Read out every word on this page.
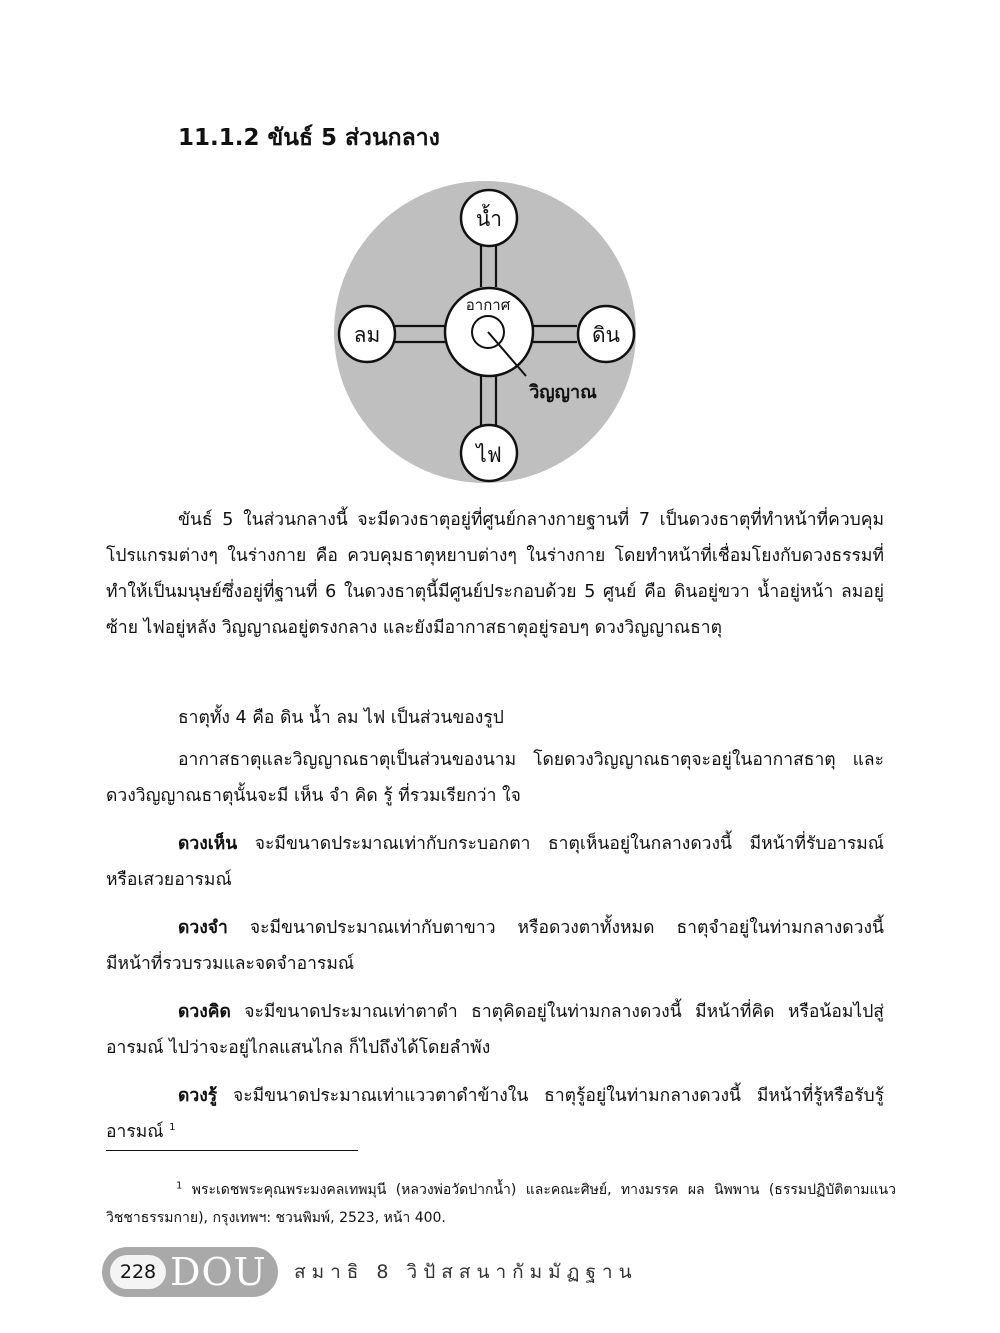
11.1.2 ขันธ์ 5 ส่วนกลาง
น้ำ
ไฟ
ลม	ดิน
อากาศ
วิญญาณ

ขันธ์ 5 ในส่วนกลางนี้ จะมีดวงธาตุอยู่ที่ศูนย์กลางกายฐานที่ 7 เป็นดวงธาตุที่ทำหน้าที่ควบคุมโปรแกรมต่างๆ ในร่างกาย คือ ควบคุมธาตุหยาบต่างๆ ในร่างกาย โดยทำหน้าที่เชื่อมโยงกับดวงธรรมที่ทำให้เป็นมนุษย์ซึ่งอยู่ที่ฐานที่ 6 ในดวงธาตุนี้มีศูนย์ประกอบด้วย 5 ศูนย์ คือ ดินอยู่ขวา น้ำอยู่หน้า ลมอยู่ซ้าย ไฟอยู่หลัง วิญญาณอยู่ตรงกลาง และยังมีอากาสธาตุอยู่รอบๆ ดวงวิญญาณธาตุ

ธาตุทั้ง 4 คือ ดิน น้ำ ลม ไฟ เป็นส่วนของรูป

อากาสธาตุและวิญญาณธาตุเป็นส่วนของนาม โดยดวงวิญญาณธาตุจะอยู่ในอากาสธาตุ และดวงวิญญาณธาตุนั้นจะมี เห็น จำ คิด รู้ ที่รวมเรียกว่า ใจ

ดวงเห็น จะมีขนาดประมาณเท่ากับกระบอกตา ธาตุเห็นอยู่ในกลางดวงนี้ มีหน้าที่รับอารมณ์ หรือเสวยอารมณ์

ดวงจำ จะมีขนาดประมาณเท่ากับตาขาว หรือดวงตาทั้งหมด ธาตุจำอยู่ในท่ามกลางดวงนี้ มีหน้าที่รวบรวมและจดจำอารมณ์

ดวงคิด จะมีขนาดประมาณเท่าตาดำ ธาตุคิดอยู่ในท่ามกลางดวงนี้ มีหน้าที่คิด หรือน้อมไปสู่อารมณ์ ไปว่าจะอยู่ไกลแสนไกล ก็ไปถึงได้โดยลำพัง

ดวงรู้ จะมีขนาดประมาณเท่าแววตาดำข้างใน ธาตุรู้อยู่ในท่ามกลางดวงนี้ มีหน้าที่รู้หรือรับรู้อารมณ์ $^1$

$^1$ พระเดชพระคุณพระมงคลเทพมุนี (หลวงพ่อวัดปากน้ำ) และคณะศิษย์, ทางมรรค ผล นิพพาน (ธรรมปฏิบัติตามแนววิชชาธรรมกาย), กรุงเทพฯ: ชวนพิมพ์, 2523, หน้า 400.

228 DOU สมาธิ 8 วิปัสสนากัมมัฏฐาน
